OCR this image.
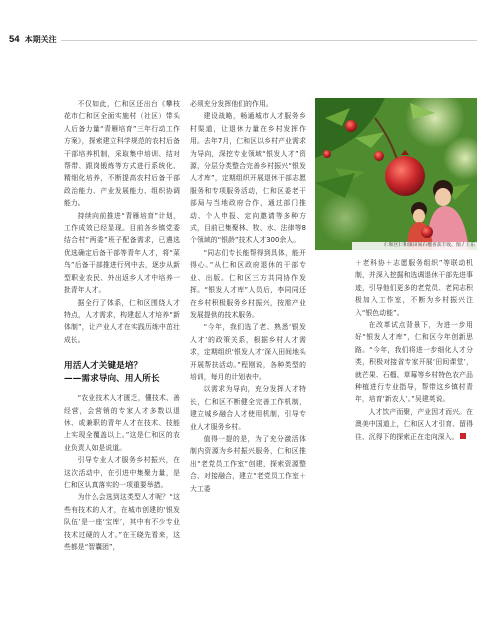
54 本期关注

不仅如此，仁和区还出台《攀枝花市仁和区全面实施村（社区）带头人后备力量“青雁培育”三年行动工作方案》，探索建立科学规范的农村后备干部培养机制，采取集中培训、结对帮带、跟岗锻炼等方式进行系统化、精细化培养，不断提高农村后备干部政治能力、产业发展能力、组织协调能力。

持续向前推进“青雁培育”计划，工作成效已经显现。目前各乡镇党委结合村“两委”班子配备需求，已遴选优选确定后备干部等青年人才，将“菜鸟”后备干部推进行列中去，逐步从新型职业农民、外出返乡人才中培养一批青年人才。

据全行了体系，仁和区围绕人才特点，人才需求，构建起人才培养“新体制”，让产业人才在实践历练中茁壮成长。

用活人才关键是培？
——需求导向、用人所长

“农业技术人才匮乏，懂技术、善经营，会营销的专家人才多数以退休、或兼职的青年人才在技术、技能上实现全覆盖以上。”这是仁和区的农业负责人如是说道。

引导专业人才服务乡村振兴，在这次活动中，在引进中集聚力量，是仁和区认真落实的一项重要举措。

为什么会选到这类型人才呢？“这些有技术的人才，在城市创建的‘银发队伍’是一座‘宝库’，其中有不少专业技术过硬的人才。”在王晓先看来，这些都是“智囊团”，

必须充分发挥他们的作用。

建设战略，畅通城市人才服务乡村渠道，让退休力量在乡村发挥作用。去年7月，仁和区以乡村产业需求为导向，深挖专业领域“银发人才”资源，分层分类整合完善乡村振兴“银发人才库”，定期组织开展退休干部志愿服务和专项服务活动，仁和区委老干部局与当地政府合作，通过部门推动、个人申报、定向邀请等多种方式，目前已集聚林、牧、水、法律等8个领域的“银龄”技术人才300余人。

“同志们专长能帮得到具体，能开得心。”从仁和区政府退休的干部专业、出版。仁和区三方共同协作发挥。“银发人才库”人员后，李同同还在乡村积极服务乡村振兴，按需产业发展提供的技术服务。

“今年，我们选了老、熟悉‘银发人才’的政策关系，根据乡村人才需求，定期组织‘银发人才’深入田间地头开展帮扶活动。”程刚说，各种类型的培训，每月的计划表中。

以需求为导向，充分发挥人才特长，仁和区不断健全完善工作机制，建立城乡融合人才使用机制，引导专业人才服务乡村。

值得一提的是，为了充分激活体制内资源为乡村振兴服务，仁和区推出“老党员工作室”创建，探索资源整合、对接融合，建立“老党员工作室＋大工委

仁和区仁和镇田间石榴喜获丰收。图 / 王东

＋老科协＋志愿服务组织”等联动机制，并深入挖掘和选调退休干部先进事迹，引导他们更多的老党员、老同志积极加入工作室，不断为乡村振兴注入“银色动能”。

在改革试点背景下，为进一步用好“银发人才库”，仁和区今年创新思路。“今年，我们将进一步细化人才分类，积极对接省专家开展‘田间课堂’，就芒果、石榴、草莓等乡村特色农产品种植进行专业指导，帮带这乡镇村青年，培育‘新农人’。”吴建英说。

人才饮产而聚，产业因才而兴。在澳美中国道上，仁和区人才引育、留得住、沉得下的探索正在走向深入。
